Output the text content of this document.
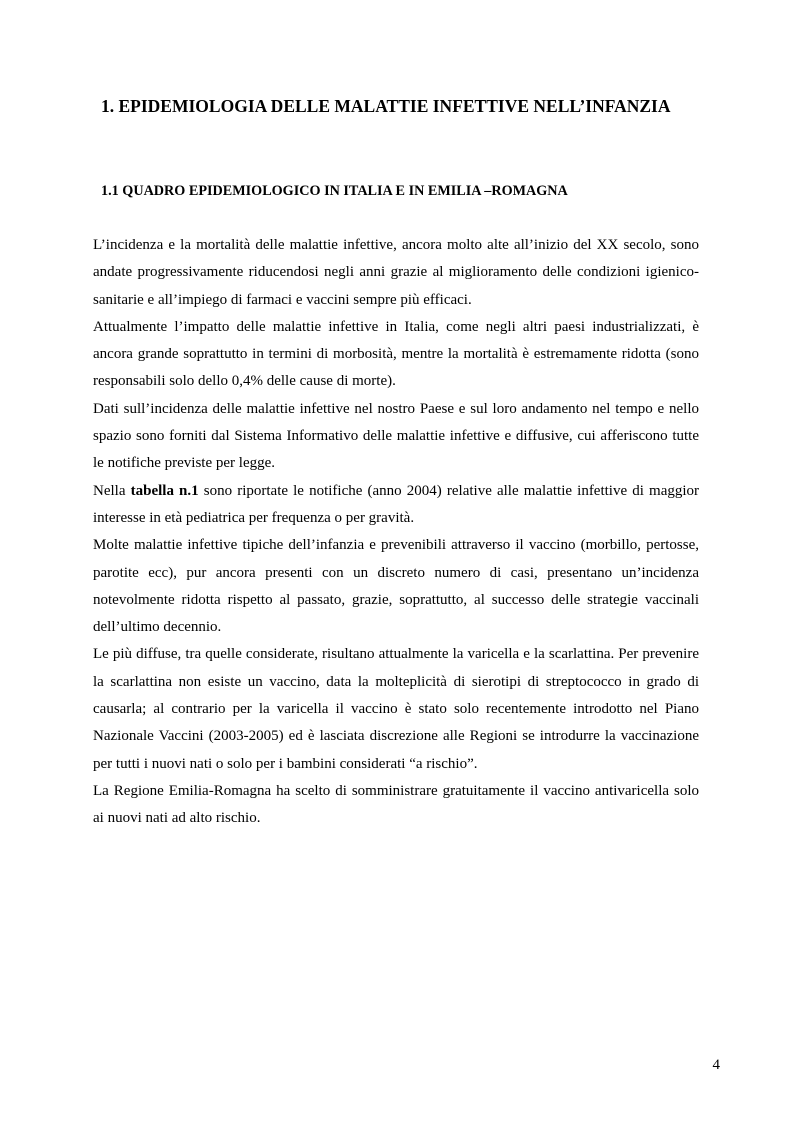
1. EPIDEMIOLOGIA DELLE MALATTIE INFETTIVE NELL’INFANZIA
1.1 QUADRO EPIDEMIOLOGICO IN ITALIA E IN EMILIA –ROMAGNA

L’incidenza e la mortalità delle malattie infettive, ancora molto alte all’inizio del XX secolo, sono andate progressivamente riducendosi negli anni grazie al miglioramento delle condizioni igienico-sanitarie e all’impiego di farmaci e vaccini sempre più efficaci.

Attualmente l’impatto delle malattie infettive in Italia, come negli altri paesi industrializzati, è ancora grande soprattutto in termini di morbosità, mentre la mortalità è estremamente ridotta (sono responsabili solo dello 0,4% delle cause di morte).

Dati sull’incidenza delle malattie infettive nel nostro Paese e sul loro andamento nel tempo e nello spazio sono forniti dal Sistema Informativo delle malattie infettive e diffusive, cui afferiscono tutte le notifiche previste per legge.

Nella tabella n.1 sono riportate le notifiche (anno 2004) relative alle malattie infettive di maggior interesse in età pediatrica per frequenza o per gravità.

Molte malattie infettive tipiche dell’infanzia e prevenibili attraverso il vaccino (morbillo, pertosse, parotite ecc), pur ancora presenti con un discreto numero di casi, presentano un’incidenza notevolmente ridotta rispetto al passato, grazie, soprattutto, al successo delle strategie vaccinali dell’ultimo decennio.

Le più diffuse, tra quelle considerate, risultano attualmente la varicella e la scarlattina. Per prevenire la scarlattina non esiste un vaccino, data la molteplicità di sierotipi di streptococco in grado di causarla; al contrario per la varicella il vaccino è stato solo recentemente introdotto nel Piano Nazionale Vaccini (2003-2005) ed è lasciata discrezione alle Regioni se introdurre la vaccinazione per tutti i nuovi nati o solo per i bambini considerati “a rischio”.

La Regione Emilia-Romagna ha scelto di somministrare gratuitamente il vaccino antivaricella solo ai nuovi nati ad alto rischio.

4
